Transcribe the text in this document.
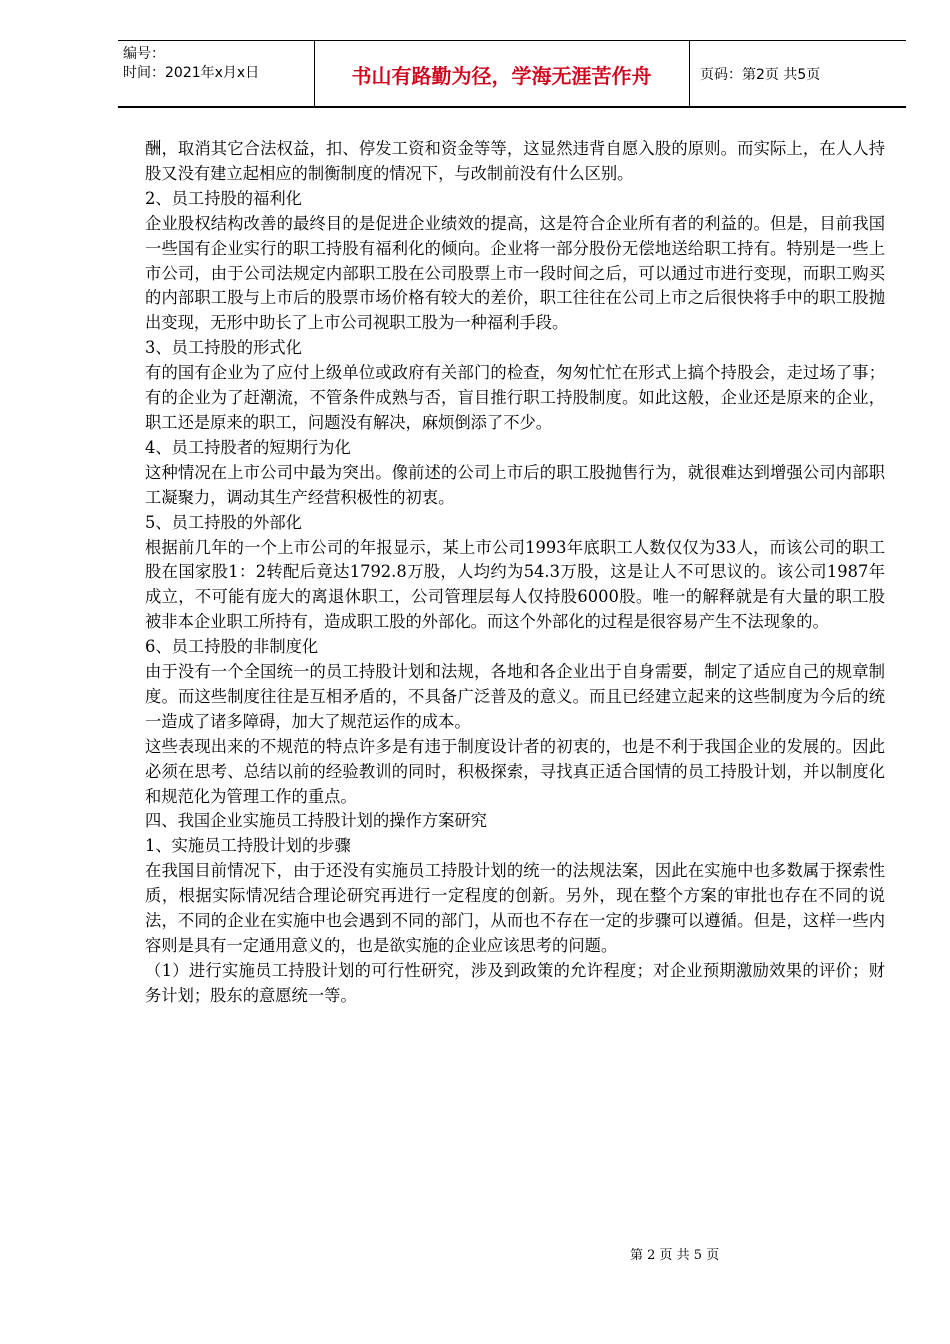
编号：
时间：2021年x月x日	书山有路勤为径，学海无涯苦作舟	页码：第2页 共5页

酬，取消其它合法权益，扣、停发工资和资金等等，这显然违背自愿入股的原则。而实际上，在人人持股又没有建立起相应的制衡制度的情况下，与改制前没有什么区别。

2、员工持股的福利化

企业股权结构改善的最终目的是促进企业绩效的提高，这是符合企业所有者的利益的。但是，目前我国一些国有企业实行的职工持股有福利化的倾向。企业将一部分股份无偿地送给职工持有。特别是一些上市公司，由于公司法规定内部职工股在公司股票上市一段时间之后，可以通过市进行变现，而职工购买的内部职工股与上市后的股票市场价格有较大的差价，职工往往在公司上市之后很快将手中的职工股抛出变现，无形中助长了上市公司视职工股为一种福利手段。

3、员工持股的形式化

有的国有企业为了应付上级单位或政府有关部门的检查，匆匆忙忙在形式上搞个持股会，走过场了事；有的企业为了赶潮流，不管条件成熟与否，盲目推行职工持股制度。如此这般，企业还是原来的企业，职工还是原来的职工，问题没有解决，麻烦倒添了不少。

4、员工持股者的短期行为化

这种情况在上市公司中最为突出。像前述的公司上市后的职工股抛售行为，就很难达到增强公司内部职工凝聚力，调动其生产经营积极性的初衷。

5、员工持股的外部化

根据前几年的一个上市公司的年报显示，某上市公司1993年底职工人数仅仅为33人，而该公司的职工股在国家股1：2转配后竟达1792.8万股，人均约为54.3万股，这是让人不可思议的。该公司1987年成立，不可能有庞大的离退休职工，公司管理层每人仅持股6000股。唯一的解释就是有大量的职工股被非本企业职工所持有，造成职工股的外部化。而这个外部化的过程是很容易产生不法现象的。

6、员工持股的非制度化

由于没有一个全国统一的员工持股计划和法规，各地和各企业出于自身需要，制定了适应自己的规章制度。而这些制度往往是互相矛盾的，不具备广泛普及的意义。而且已经建立起来的这些制度为今后的统一造成了诸多障碍，加大了规范运作的成本。

这些表现出来的不规范的特点许多是有违于制度设计者的初衷的，也是不利于我国企业的发展的。因此必须在思考、总结以前的经验教训的同时，积极探索，寻找真正适合国情的员工持股计划，并以制度化和规范化为管理工作的重点。

四、我国企业实施员工持股计划的操作方案研究

1、实施员工持股计划的步骤

在我国目前情况下，由于还没有实施员工持股计划的统一的法规法案，因此在实施中也多数属于探索性质，根据实际情况结合理论研究再进行一定程度的创新。另外，现在整个方案的审批也存在不同的说法，不同的企业在实施中也会遇到不同的部门，从而也不存在一定的步骤可以遵循。但是，这样一些内容则是具有一定通用意义的，也是欲实施的企业应该思考的问题。

（1）进行实施员工持股计划的可行性研究，涉及到政策的允许程度；对企业预期激励效果的评价；财务计划；股东的意愿统一等。

第 2 页 共 5 页
